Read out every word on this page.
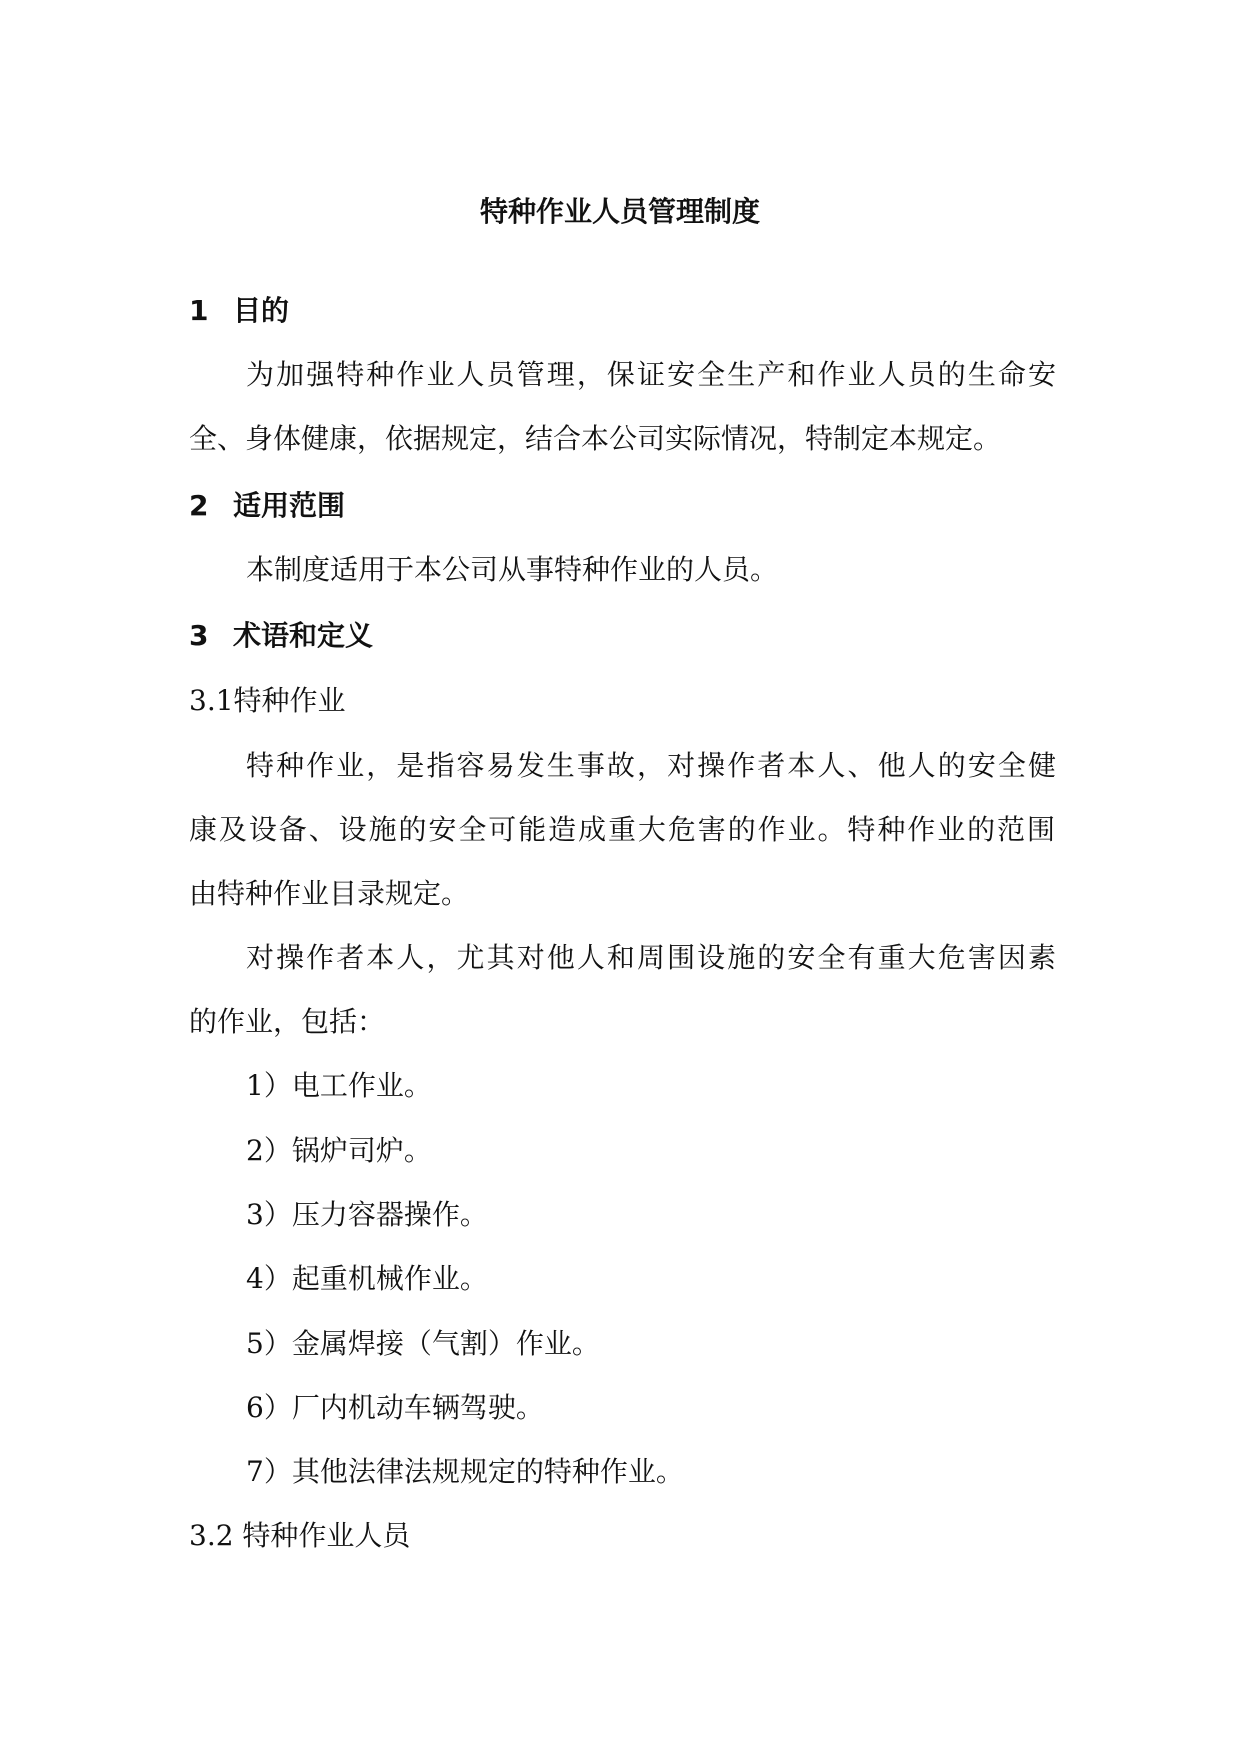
特种作业人员管理制度
1 目的
为加强特种作业人员管理，保证安全生产和作业人员的生命安
全、身体健康，依据规定，结合本公司实际情况，特制定本规定。
2 适用范围
本制度适用于本公司从事特种作业的人员。
3 术语和定义
3.1特种作业
特种作业，是指容易发生事故，对操作者本人、他人的安全健
康及设备、设施的安全可能造成重大危害的作业。特种作业的范围
由特种作业目录规定。
对操作者本人，尤其对他人和周围设施的安全有重大危害因素
的作业，包括：
1）电工作业。
2）锅炉司炉。
3）压力容器操作。
4）起重机械作业。
5）金属焊接（气割）作业。
6）厂内机动车辆驾驶。
7）其他法律法规规定的特种作业。
3.2 特种作业人员
